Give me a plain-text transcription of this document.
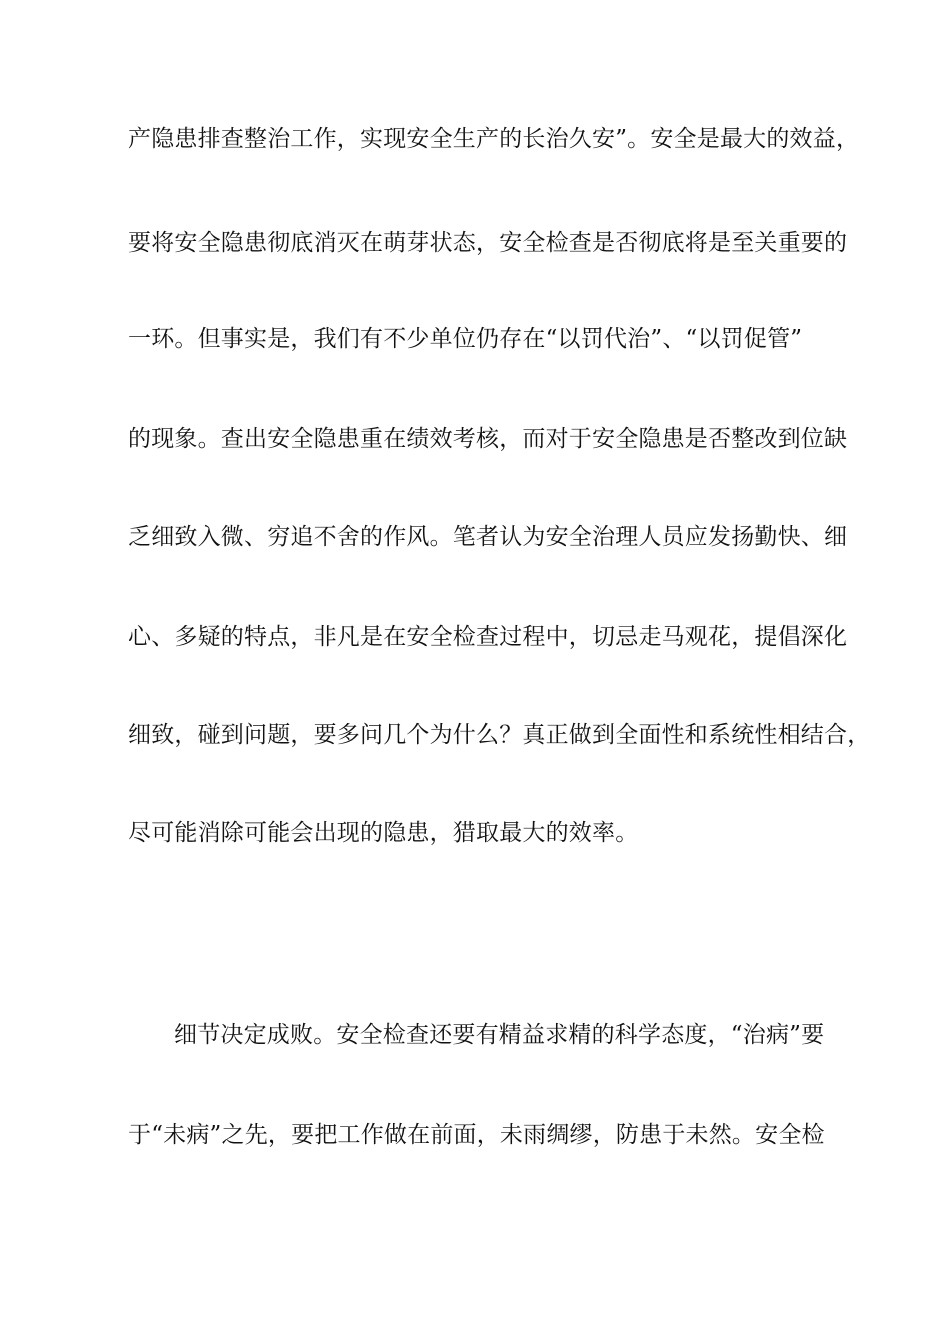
产隐患排查整治工作，实现安全生产的长治久安”。安全是最大的效益，
要将安全隐患彻底消灭在萌芽状态，安全检查是否彻底将是至关重要的
一环。但事实是，我们有不少单位仍存在“以罚代治”、“以罚促管”
的现象。查出安全隐患重在绩效考核，而对于安全隐患是否整改到位缺
乏细致入微、穷追不舍的作风。笔者认为安全治理人员应发扬勤快、细
心、多疑的特点，非凡是在安全检查过程中，切忌走马观花，提倡深化
细致，碰到问题，要多问几个为什么？真正做到全面性和系统性相结合，
尽可能消除可能会出现的隐患，猎取最大的效率。
细节决定成败。安全检查还要有精益求精的科学态度，“治病”要
于“未病”之先，要把工作做在前面，未雨绸缪，防患于未然。安全检
